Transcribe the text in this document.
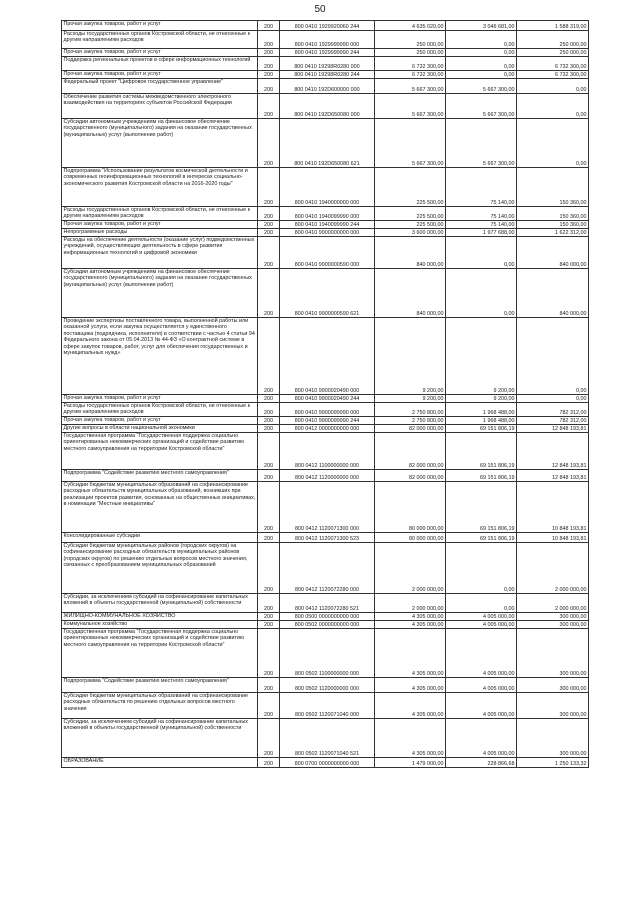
50
Прочая закупка товаров, работ и услуг	200	800 0410 1929920060 244	4 635 020,00	3 046 681,00	1 588 319,00
Расходы государственных органов Костромской области, не отнесенные к другим направлениям расходов	200	800 0410 1929999990 000	250 000,00	0,00	250 000,00
Прочая закупка товаров, работ и услуг	200	800 0410 1929999990 244	250 000,00	0,00	250 000,00
Поддержка региональных проектов в сфере информационных технологий	200	800 0410 19298R0280 000	6 732 300,00	0,00	6 732 300,00
Прочая закупка товаров, работ и услуг	200	800 0410 19298R0280 244	6 732 300,00	0,00	6 732 300,00
Федеральный проект "Цифровое государственное управление"	200	800 0410 192D600000 000	5 667 300,00	5 667 300,00	0,00
Обеспечение развития системы межведомственного электронного взаимодействия на территориях субъектов Российской Федерации	200	800 0410 192D650080 000	5 667 300,00	5 667 300,00	0,00
Субсидии автономным учреждениям на финансовое обеспечение государственного (муниципального) задания на оказание государственных (муниципальных) услуг (выполнение работ)	200	800 0410 192D650080 621	5 667 300,00	5 667 300,00	0,00
Подпрограмма "Использование результатов космической деятельности и современных геоинформационных технологий в интересах социально-экономического развития Костромской области на 2016-2020 годы"	200	800 0410 1940000000 000	225 500,00	75 140,00	150 360,00
Расходы государственных органов Костромской области, не отнесенные к другим направлениям расходов	200	800 0410 1940099990 000	225 500,00	75 140,00	150 360,00
Прочая закупка товаров, работ и услуг	200	800 0410 1940099990 244	225 500,00	75 140,00	150 360,00
Непрограммные расходы	200	800 0410 9900000000 000	3 600 000,00	1 977 688,00	1 622 312,00
Расходы на обеспечение деятельности (оказание услуг) подведомственных учреждений, осуществляющих деятельность в сфере развития информационных технологий и цифровой экономики	200	800 0410 9900000590 000	840 000,00	0,00	840 000,00
Субсидии автономным учреждениям на финансовое обеспечение государственного (муниципального) задания на оказание государственных (муниципальных) услуг (выполнение работ)	200	800 0410 9900000590 621	840 000,00	0,00	840 000,00
Проведение экспертизы поставленного товара, выполненной работы или оказанной услуги, если закупка осуществляется у единственного поставщика (подрядчика, исполнителя) в соответствии с частью 4 статьи 94 Федерального закона от 05.04.2013 № 44-ФЗ «О контрактной системе в сфере закупок товаров, работ, услуг для обеспечения государственных и муниципальных нужд»	200	800 0410 9900020490 000	9 200,00	9 200,00	0,00
Прочая закупка товаров, работ и услуг	200	800 0410 9900020490 244	9 200,00	9 200,00	0,00
Расходы государственных органов Костромской области, не отнесенные к другим направлениям расходов	200	800 0410 9900099990 000	2 750 800,00	1 968 488,00	782 312,00
Прочая закупка товаров, работ и услуг	200	800 0410 9900099990 244	2 750 800,00	1 968 488,00	782 312,00
Другие вопросы в области национальной экономики	200	800 0412 0000000000 000	82 000 000,00	69 151 806,19	12 848 193,81
Государственная программа "Государственная поддержка социально ориентированных некоммерческих организаций и содействие развитию местного самоуправления на территории Костромской области"	200	800 0412 1100000000 000	82 000 000,00	69 151 806,19	12 848 193,81
Подпрограмма "Содействие развитию местного самоуправления"	200	800 0412 1120000000 000	82 000 000,00	69 151 806,19	12 848 193,81
Субсидии бюджетам муниципальных образований на софинансирование расходных обязательств муниципальных образований, возникших при реализации проектов развития, основанных на общественных инициативах, в номинации "Местные инициативы"	200	800 0412 1120071300 000	80 000 000,00	69 151 806,19	10 848 193,81
Консолидированные субсидии	200	800 0412 1120071300 523	80 000 000,00	69 151 806,19	10 848 193,81
Субсидии бюджетам муниципальных районов (городских округов) на софинансирование расходных обязательств муниципальных районов (городских округов) по решению отдельных вопросов местного значения, связанных с преобразованием муниципальных образований	200	800 0412 1120072280 000	2 000 000,00	0,00	2 000 000,00
Субсидии, за исключением субсидий на софинансирование капитальных вложений в объекты государственной (муниципальной) собственности	200	800 0412 1120072280 521	2 000 000,00	0,00	2 000 000,00
ЖИЛИЩНО-КОММУНАЛЬНОЕ ХОЗЯЙСТВО	200	800 0500 0000000000 000	4 305 000,00	4 005 000,00	300 000,00
Коммунальное хозяйство	200	800 0502 0000000000 000	4 305 000,00	4 005 000,00	300 000,00
Государственная программа "Государственная поддержка социально ориентированных некоммерческих организаций и содействие развитию местного самоуправления на территории Костромской области"	200	800 0502 1100000000 000	4 305 000,00	4 005 000,00	300 000,00
Подпрограмма "Содействие развитию местного самоуправления"	200	800 0502 1120000000 000	4 305 000,00	4 005 000,00	300 000,00
Субсидии бюджетам муниципальных образований на софинансирование расходных обязательств по решению отдельных вопросов местного значения	200	800 0502 1120071040 000	4 305 000,00	4 005 000,00	300 000,00
Субсидии, за исключением субсидий на софинансирование капитальных вложений в объекты государственной (муниципальной) собственности	200	800 0502 1120071040 521	4 305 000,00	4 005 000,00	300 000,00
ОБРАЗОВАНИЕ	200	800 0700 0000000000 000	1 479 000,00	228 866,68	1 250 133,32
